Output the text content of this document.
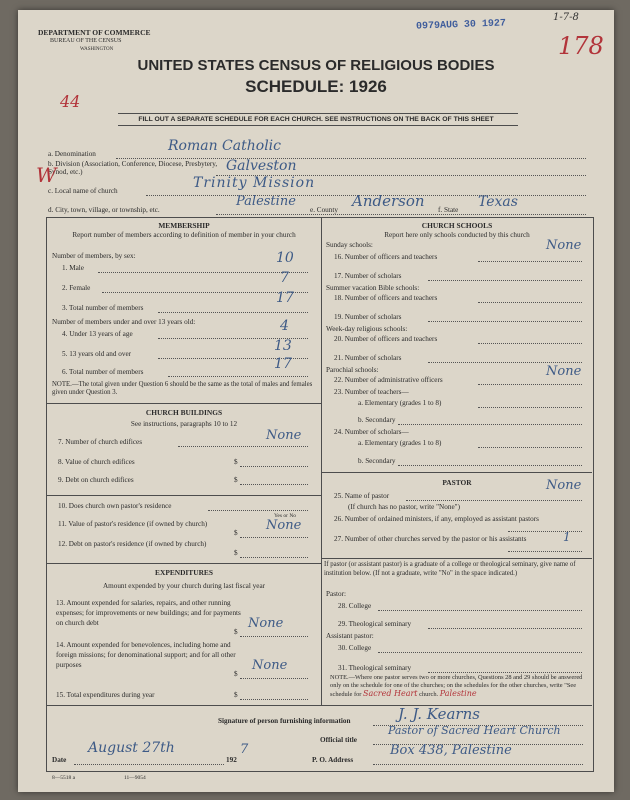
DEPARTMENT OF COMMERCE
BUREAU OF THE CENSUS
WASHINGTON
0979AUG 30 1927
1-7-8
178
44
UNITED STATES CENSUS OF RELIGIOUS BODIES
SCHEDULE: 1926
FILL OUT A SEPARATE SCHEDULE FOR EACH CHURCH. SEE INSTRUCTIONS ON THE BACK OF THIS SHEET
a. Denomination	Roman Catholic
b. Division (Association, Conference, Diocese, Presbytery, Synod, etc.)	Galveston
W
c. Local name of church	Trinity Mission
d. City, town, village, or township, etc.
Palestine
e. County Anderson f. State Texas
MEMBERSHIP
Report number of members according to definition of member in your church
Number of members, by sex:
1. Male
10
2. Female
7
3. Total number of members
17
Number of members under and over 13 years old:
4. Under 13 years of age	4
5. 13 years old and over	13
6. Total number of members	17
NOTE.—The total given under Question 6 should be the same as the total of males and females given under Question 3.
CHURCH BUILDINGS
See instructions, paragraphs 10 to 12
7. Number of church edifices	None
8. Value of church edifices	$
9. Debt on church edifices	$
10. Does church own pastor's residence
Yes or No
11. Value of pastor's residence (if owned by church)
$ None
12. Debt on pastor's residence (if owned by church)
$
EXPENDITURES
Amount expended by your church during last fiscal year
13. Amount expended for salaries, repairs, and other running expenses; for improvements or new buildings; and for payments on church debt
$
None
14. Amount expended for benevolences, including home and foreign missions; for denominational support; and for all other purposes
$
None
15. Total expenditures during year	$
CHURCH SCHOOLS
Report here only schools conducted by this church
Sunday schools:
16. Number of officers and teachers
None
17. Number of scholars
Summer vacation Bible schools:
18. Number of officers and teachers
19. Number of scholars
Week-day religious schools:
20. Number of officers and teachers
21. Number of scholars
Parochial schools:
22. Number of administrative officers
None
23. Number of teachers—
a. Elementary (grades 1 to 8)
b. Secondary
24. Number of scholars—
a. Elementary (grades 1 to 8)
b. Secondary
PASTOR
25. Name of pastor
None
(If church has no pastor, write "None")
26. Number of ordained ministers, if any, employed as assistant pastors
27. Number of other churches served by the pastor or his assistants	1
If pastor (or assistant pastor) is a graduate of a college or theological seminary, give name of institution below. (If not a graduate, write "No" in the space indicated.)
Pastor:
28. College
29. Theological seminary
Assistant pastor:
30. College
31. Theological seminary
NOTE.—Where one pastor serves two or more churches, Questions 28 and 29 should be answered only on the schedule for one of the churches; on the schedules for the other churches, write "See schedule for Sacred Heart church. Palestine
Signature of person furnishing information	J. J. Kearns
Official title
Pastor of Sacred Heart Church
Date
August 27th
192
7
P. O. Address
Box 438, Palestine
8—5518 a	11—9054
